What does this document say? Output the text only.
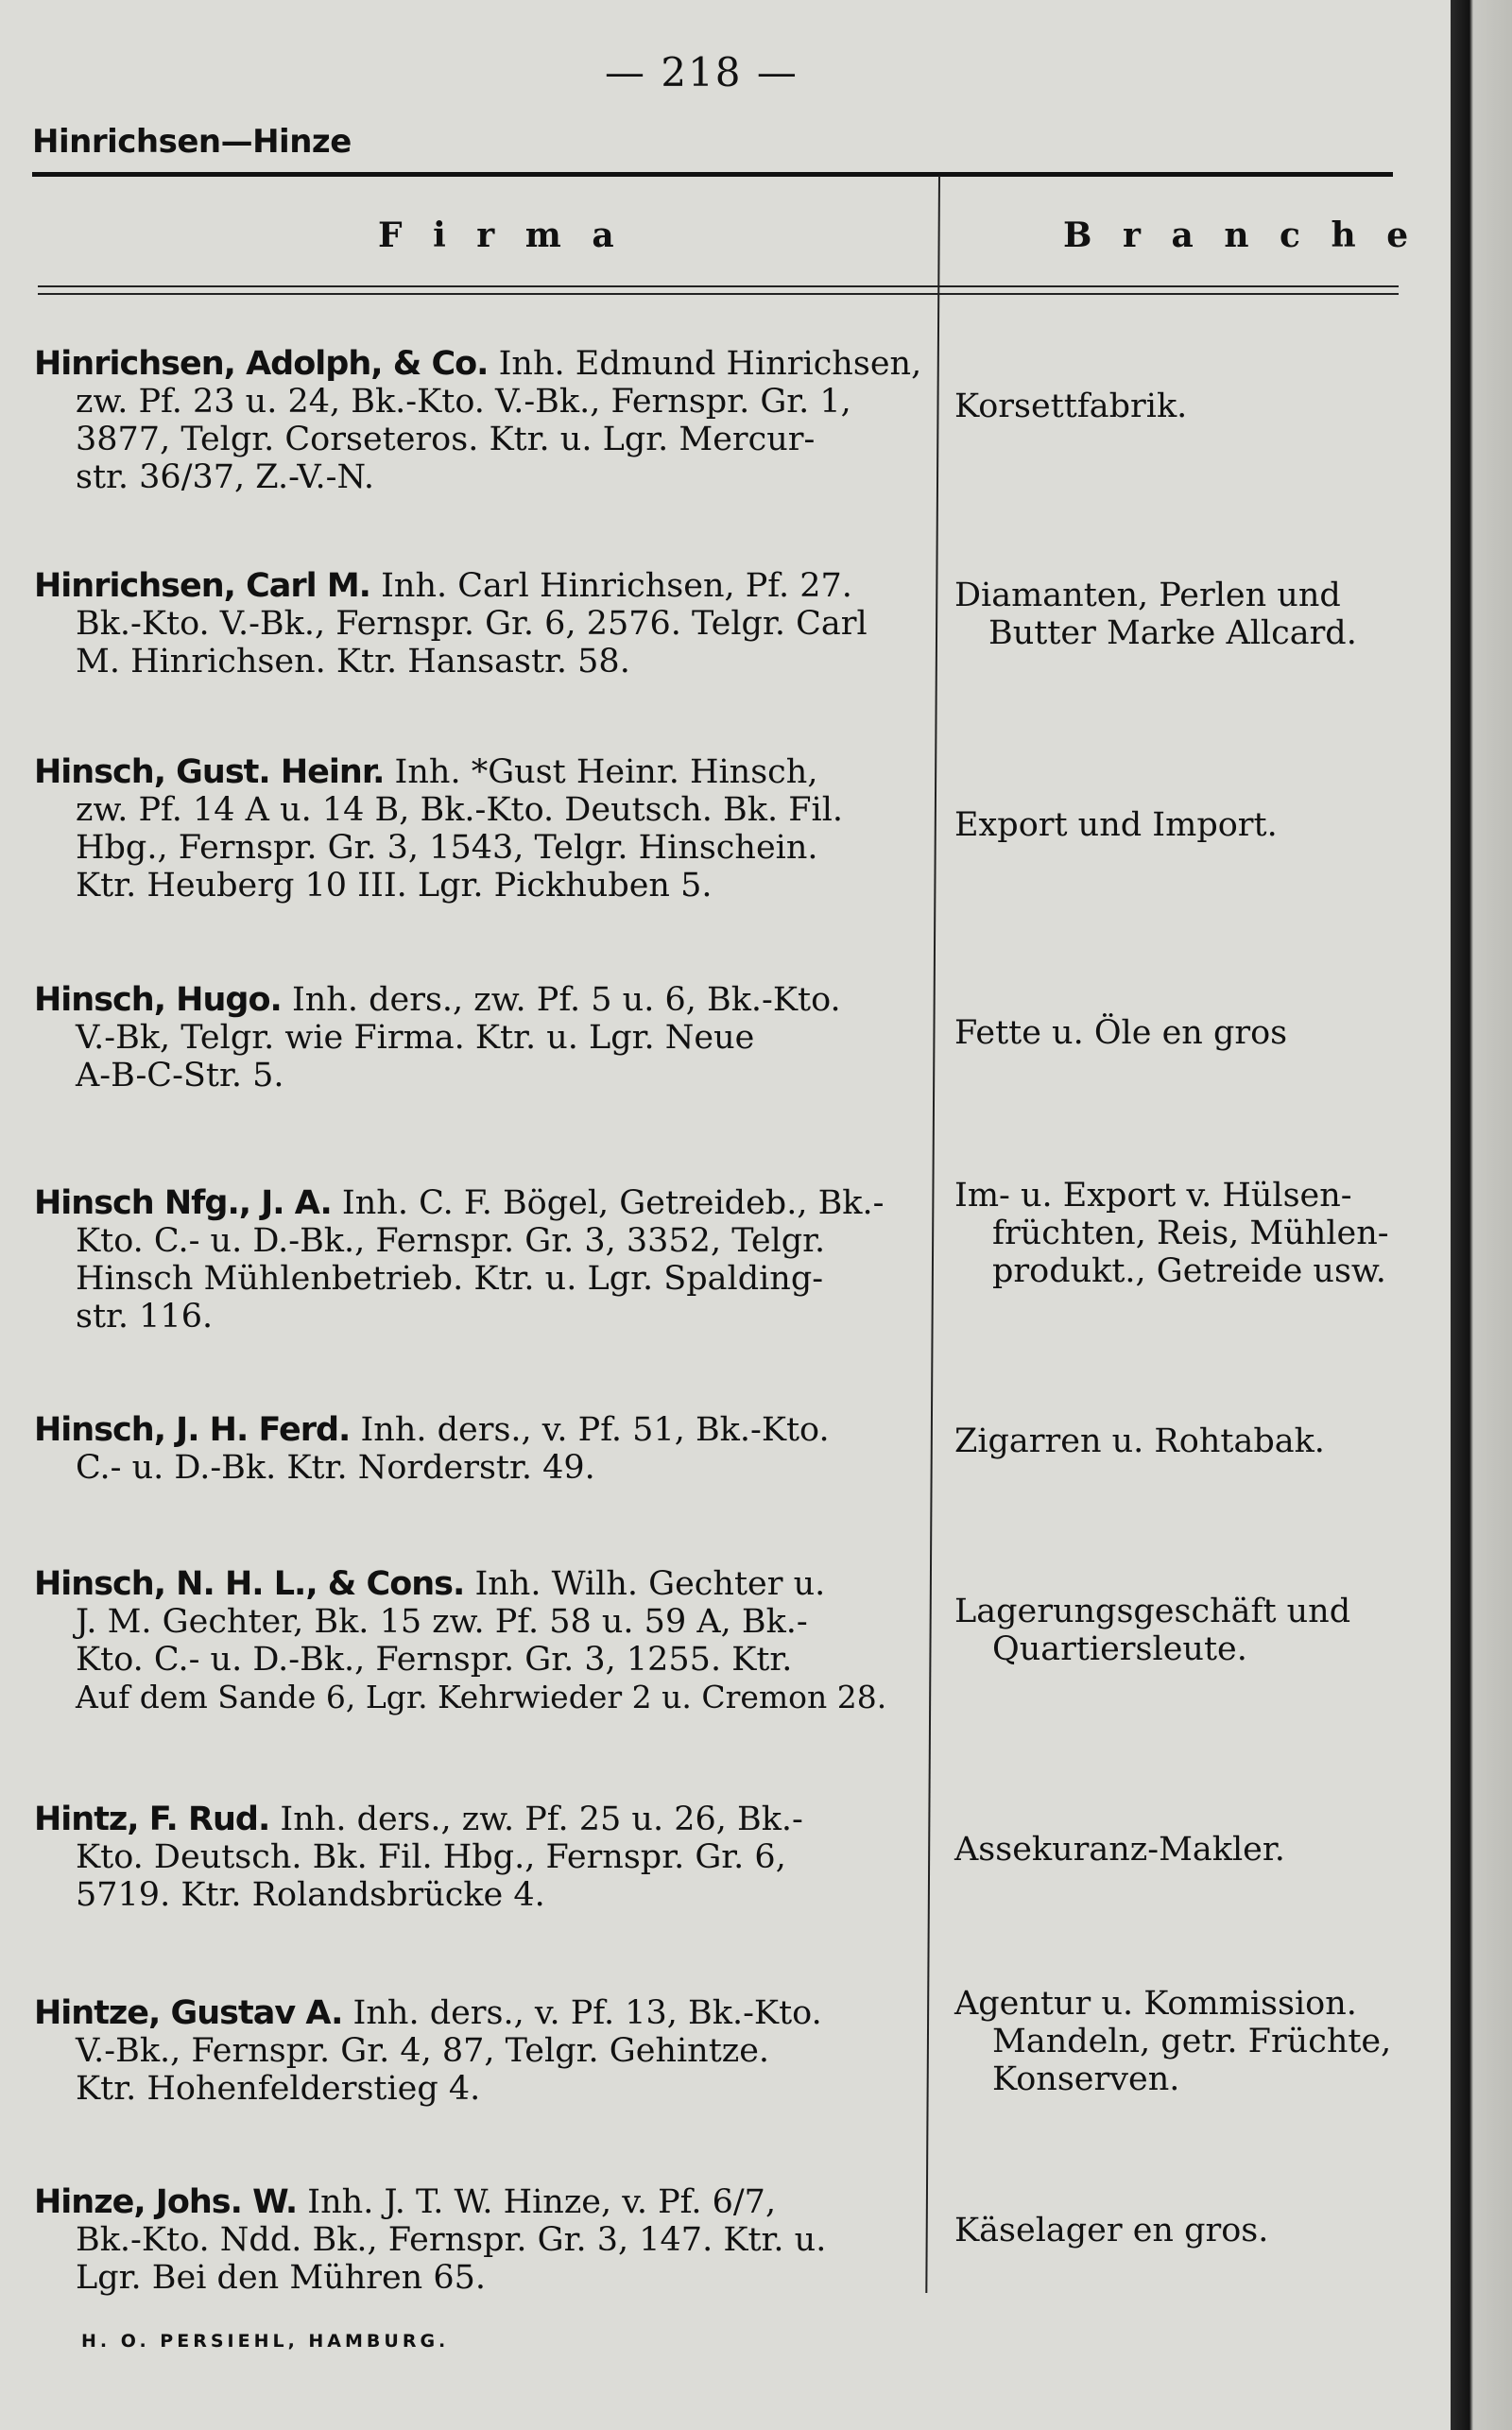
— 218 —
Hinrichsen—Hinze
F i r m a	B r a n c h e
Hinrichsen, Adolph, & Co. Inh. Edmund Hinrichsen,
zw. Pf. 23 u. 24, Bk.-Kto. V.-Bk., Fernspr. Gr. 1,
3877, Telgr. Corseteros. Ktr. u. Lgr. Mercur-
str. 36/37, Z.-V.-N.
Korsettfabrik.
Hinrichsen, Carl M. Inh. Carl Hinrichsen, Pf. 27.
Bk.-Kto. V.-Bk., Fernspr. Gr. 6, 2576. Telgr. Carl
M. Hinrichsen. Ktr. Hansastr. 58.
Diamanten, Perlen und
Butter Marke Allcard.
Hinsch, Gust. Heinr. Inh. *Gust Heinr. Hinsch,
zw. Pf. 14 A u. 14 B, Bk.-Kto. Deutsch. Bk. Fil.
Hbg., Fernspr. Gr. 3, 1543, Telgr. Hinschein.
Ktr. Heuberg 10 III. Lgr. Pickhuben 5.
Export und Import.
Hinsch, Hugo. Inh. ders., zw. Pf. 5 u. 6, Bk.-Kto.
V.-Bk, Telgr. wie Firma. Ktr. u. Lgr. Neue
A-B-C-Str. 5.
Fette u. Öle en gros
Hinsch Nfg., J. A. Inh. C. F. Bögel, Getreideb., Bk.-
Kto. C.- u. D.-Bk., Fernspr. Gr. 3, 3352, Telgr.
Hinsch Mühlenbetrieb. Ktr. u. Lgr. Spalding-
str. 116.
Im- u. Export v. Hülsen-
früchten, Reis, Mühlen-
produkt., Getreide usw.
Hinsch, J. H. Ferd. Inh. ders., v. Pf. 51, Bk.-Kto.
C.- u. D.-Bk. Ktr. Norderstr. 49.
Zigarren u. Rohtabak.
Hinsch, N. H. L., & Cons. Inh. Wilh. Gechter u.
J. M. Gechter, Bk. 15 zw. Pf. 58 u. 59 A, Bk.-
Kto. C.- u. D.-Bk., Fernspr. Gr. 3, 1255. Ktr.
Auf dem Sande 6, Lgr. Kehrwieder 2 u. Cremon 28.
Lagerungsgeschäft und
Quartiersleute.
Hintz, F. Rud. Inh. ders., zw. Pf. 25 u. 26, Bk.-
Kto. Deutsch. Bk. Fil. Hbg., Fernspr. Gr. 6,
5719. Ktr. Rolandsbrücke 4.
Assekuranz-Makler.
Hintze, Gustav A. Inh. ders., v. Pf. 13, Bk.-Kto.
V.-Bk., Fernspr. Gr. 4, 87, Telgr. Gehintze.
Ktr. Hohenfelderstieg 4.
Agentur u. Kommission.
Mandeln, getr. Früchte,
Konserven.
Hinze, Johs. W. Inh. J. T. W. Hinze, v. Pf. 6/7,
Bk.-Kto. Ndd. Bk., Fernspr. Gr. 3, 147. Ktr. u.
Lgr. Bei den Mühren 65.
Käselager en gros.
H. O. PERSIEHL, HAMBURG.
